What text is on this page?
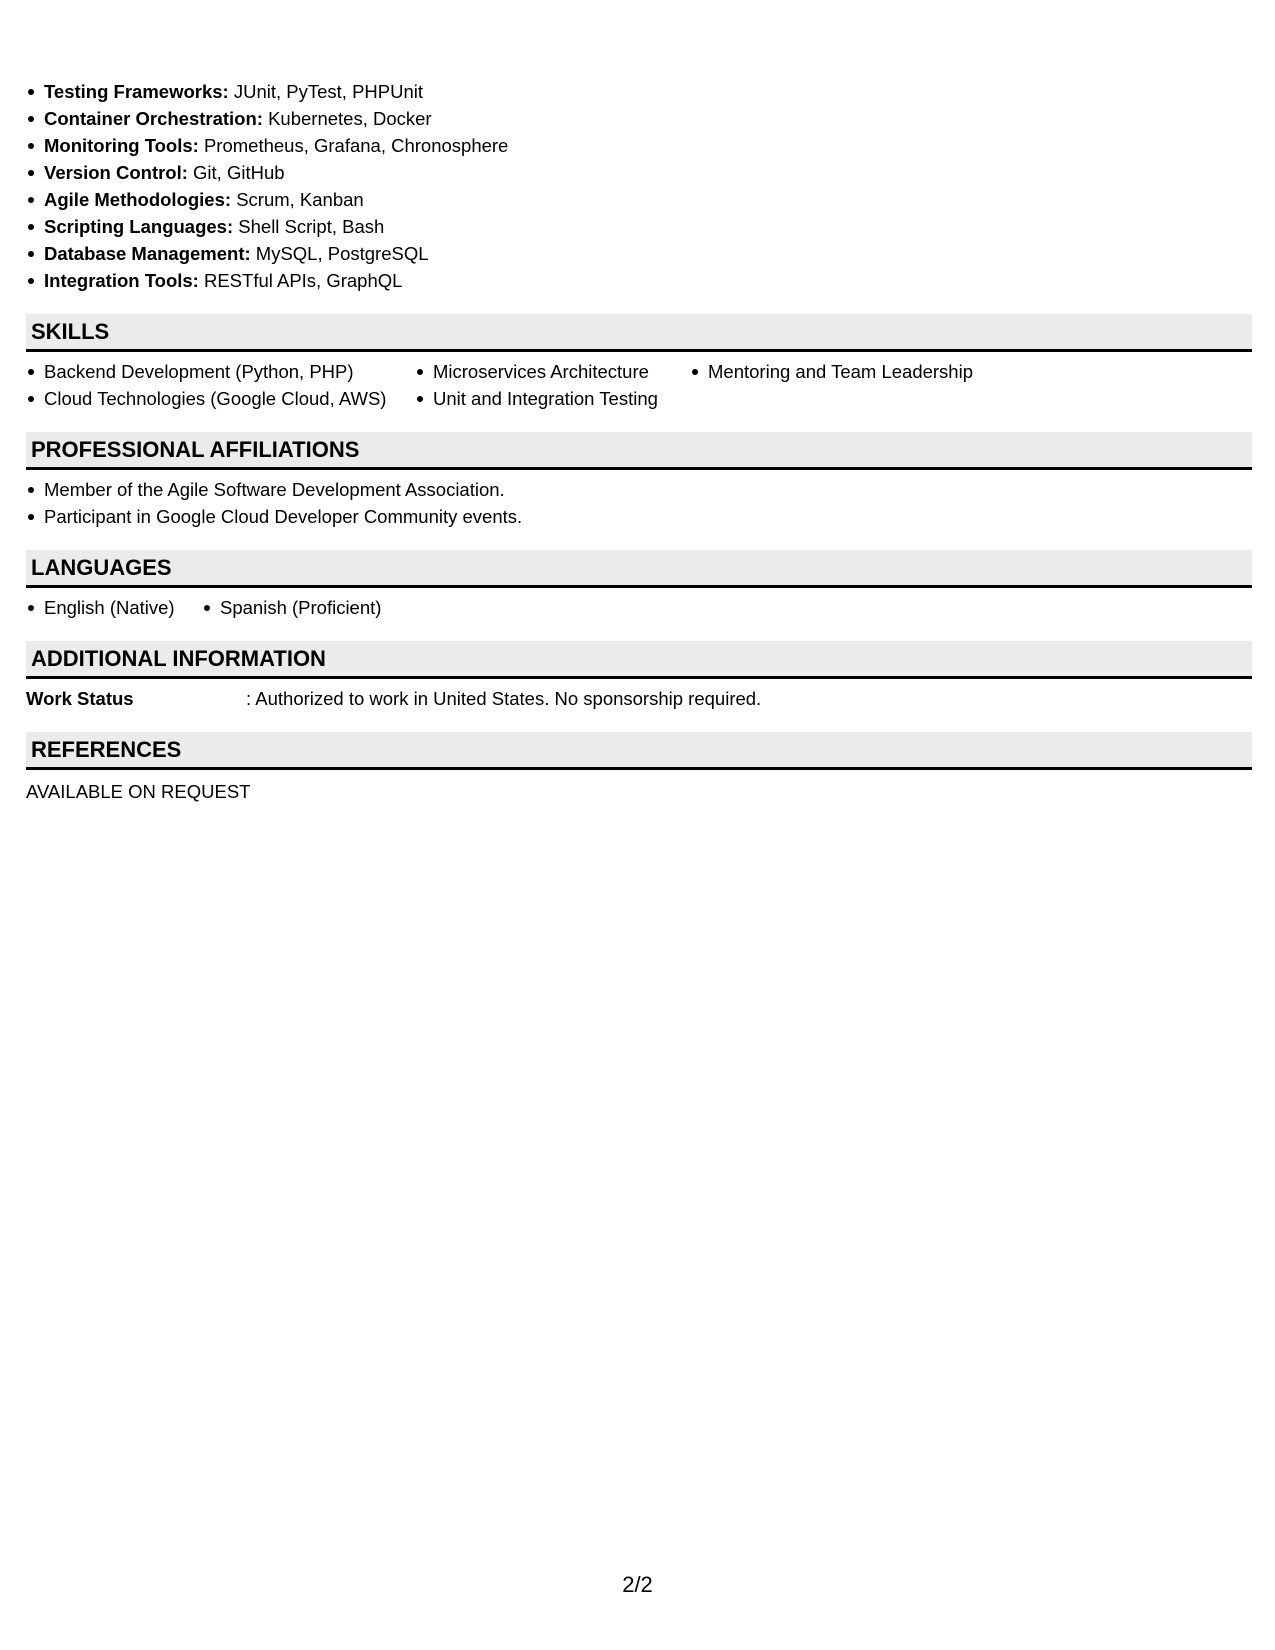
Testing Frameworks: JUnit, PyTest, PHPUnit
Container Orchestration: Kubernetes, Docker
Monitoring Tools: Prometheus, Grafana, Chronosphere
Version Control: Git, GitHub
Agile Methodologies: Scrum, Kanban
Scripting Languages: Shell Script, Bash
Database Management: MySQL, PostgreSQL
Integration Tools: RESTful APIs, GraphQL
SKILLS
Backend Development (Python, PHP)
Cloud Technologies (Google Cloud, AWS)
Microservices Architecture
Unit and Integration Testing
Mentoring and Team Leadership
PROFESSIONAL AFFILIATIONS
Member of the Agile Software Development Association.
Participant in Google Cloud Developer Community events.
LANGUAGES
English (Native)	Spanish (Proficient)
ADDITIONAL INFORMATION
Work Status	: Authorized to work in United States. No sponsorship required.
REFERENCES
AVAILABLE ON REQUEST
2/2
